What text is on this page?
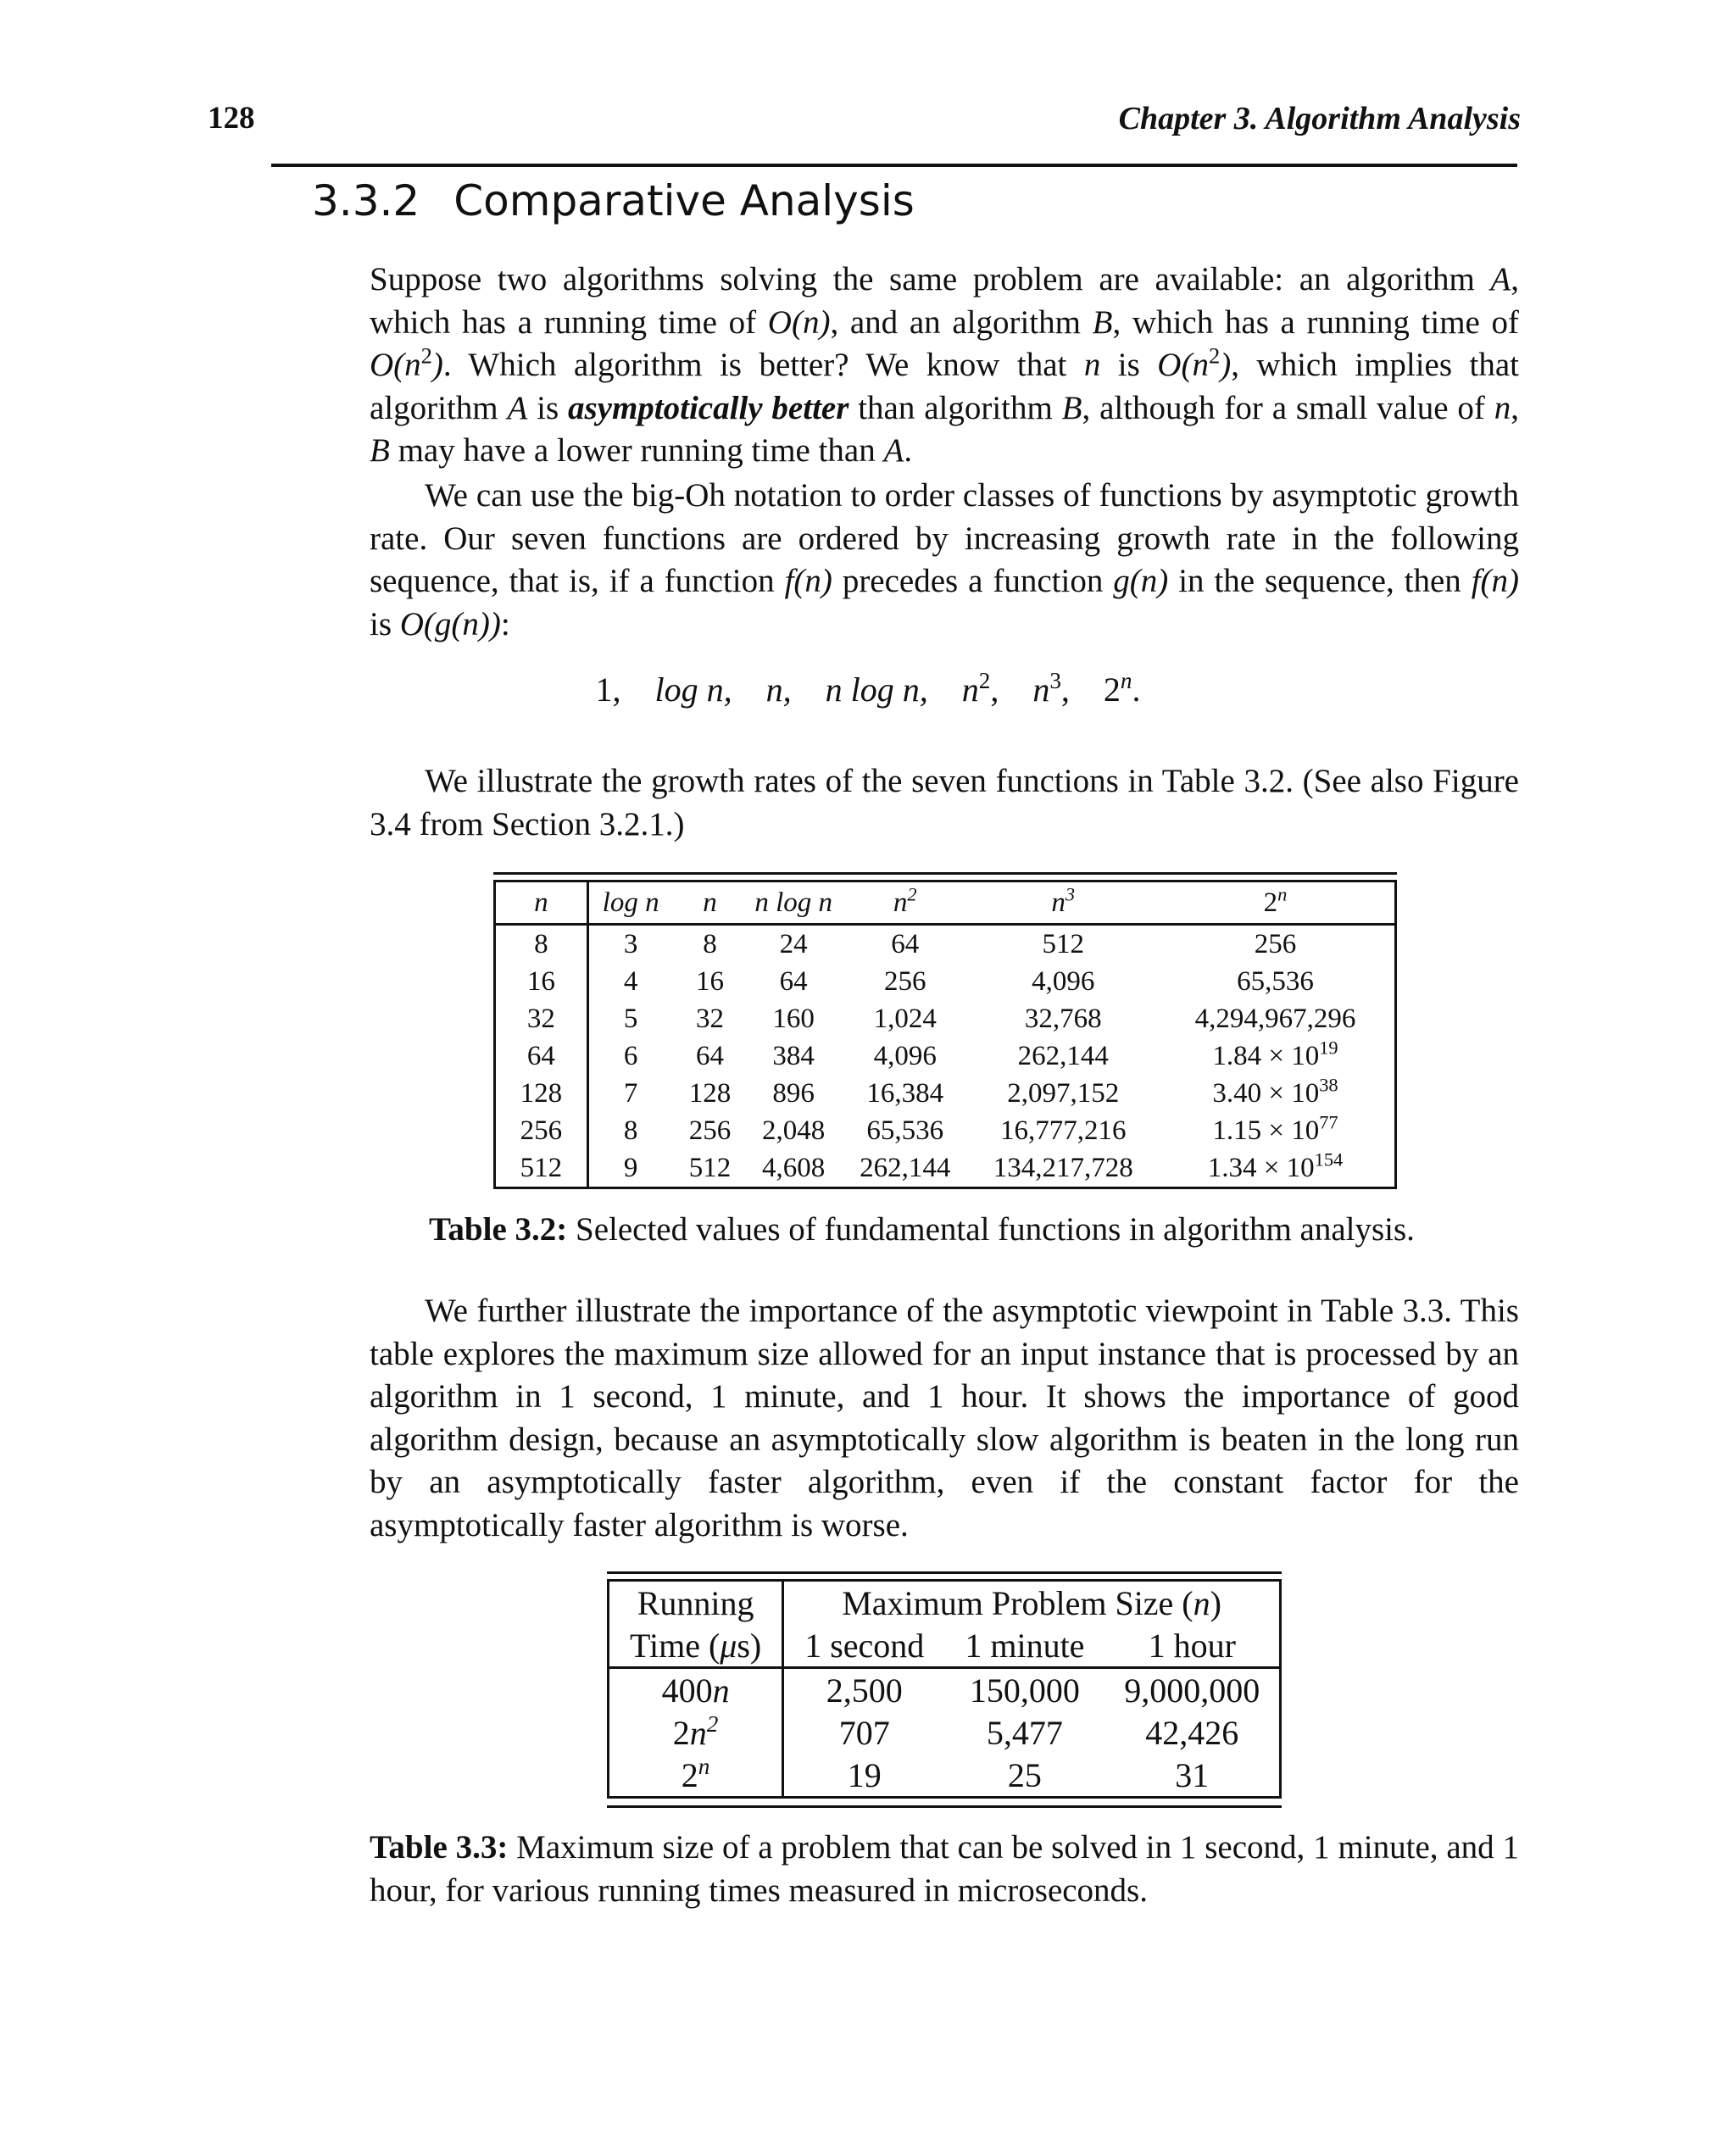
128	Chapter 3. Algorithm Analysis
3.3.2 Comparative Analysis

Suppose two algorithms solving the same problem are available: an algorithm A, which has a running time of O(n), and an algorithm B, which has a running time of $O(n^2)$. Which algorithm is better? We know that n is $O(n^2)$, which implies that algorithm A is asymptotically better than algorithm B, although for a small value of n, B may have a lower running time than A.

We can use the big-Oh notation to order classes of functions by asymptotic growth rate. Our seven functions are ordered by increasing growth rate in the following sequence, that is, if a function f(n) precedes a function g(n) in the sequence, then f(n) is O(g(n)):

1, log n, n, n log n, $n^2$, $n^3$, 2$^n$.

We illustrate the growth rates of the seven functions in Table 3.2. (See also Figure 3.4 from Section 3.2.1.)

n	log n	n	n log n	$n^2$	$n^3$	2$^n$
8	3	8	24	64	512	256
16	4	16	64	256	4,096	65,536
32	5	32	160	1,024	32,768	4,294,967,296
64	6	64	384	4,096	262,144	$1.84 \times 10^{19}$
128	7	128	896	16,384	2,097,152	$3.40 \times 10^{38}$
256	8	256	2,048	65,536	16,777,216	$1.15 \times 10^{77}$
512	9	512	4,608	262,144	134,217,728	$1.34 \times 10^{154}$
Table 3.2: Selected values of fundamental functions in algorithm analysis.

We further illustrate the importance of the asymptotic viewpoint in Table 3.3. This table explores the maximum size allowed for an input instance that is processed by an algorithm in 1 second, 1 minute, and 1 hour. It shows the importance of good algorithm design, because an asymptotically slow algorithm is beaten in the long run by an asymptotically faster algorithm, even if the constant factor for the asymptotically faster algorithm is worse.

Running	Maximum Problem Size (n)		
Time (μs)	1 second	1 minute	1 hour
400n	2,500	150,000	9,000,000
$2n^2$	707	5,477	42,426
2$^n$	19	25	31
Table 3.3: Maximum size of a problem that can be solved in 1 second, 1 minute, and 1 hour, for various running times measured in microseconds.
